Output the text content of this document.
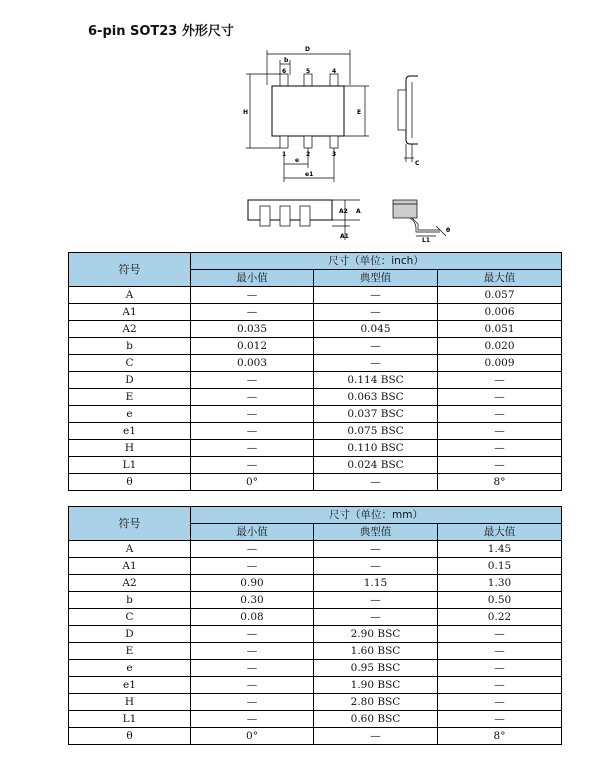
6-pin SOT23 外形尺寸
D
b
6	5	4
H	E
1	2	3
e
e1
C
A2 A
A1
L1
θ
符号	尺寸（单位：inch）		
	最小值	典型值	最大值
A	—	—	0.057
A1	—	—	0.006
A2	0.035	0.045	0.051
b	0.012	—	0.020
C	0.003	—	0.009
D	—	0.114 BSC	—
E	—	0.063 BSC	—
e	—	0.037 BSC	—
e1	—	0.075 BSC	—
H	—	0.110 BSC	—
L1	—	0.024 BSC	—
θ	0°	—	8°
符号	尺寸（单位：mm）		
	最小值	典型值	最大值
A	—	—	1.45
A1	—	—	0.15
A2	0.90	1.15	1.30
b	0.30	—	0.50
C	0.08	—	0.22
D	—	2.90 BSC	—
E	—	1.60 BSC	—
e	—	0.95 BSC	—
e1	—	1.90 BSC	—
H	—	2.80 BSC	—
L1	—	0.60 BSC	—
θ	0°	—	8°
